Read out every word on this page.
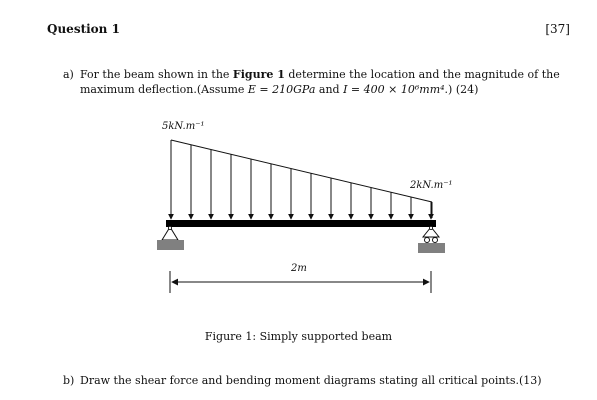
Question 1	[37]
a) For the beam shown in the Figure 1 determine the location and the magnitude of the maximum deflection.(Assume E = 210GPa and I = 400 × 10⁶mm⁴.) (24)
5kN.m⁻¹
2kN.m⁻¹
2m
Figure 1: Simply supported beam
b) Draw the shear force and bending moment diagrams stating all critical points.(13)
